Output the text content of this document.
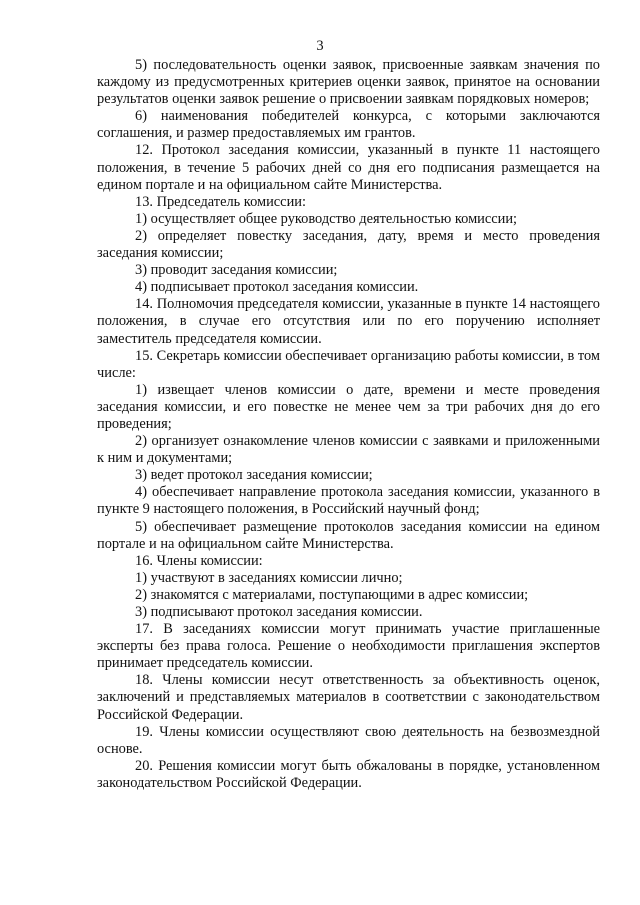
3

5) последовательность оценки заявок, присвоенные заявкам значения по каждому из предусмотренных критериев оценки заявок, принятое на основании результатов оценки заявок решение о присвоении заявкам порядковых номеров;

6) наименования победителей конкурса, с которыми заключаются соглашения, и размер предоставляемых им грантов.

12. Протокол заседания комиссии, указанный в пункте 11 настоящего положения, в течение 5 рабочих дней со дня его подписания размещается на едином портале и на официальном сайте Министерства.

13. Председатель комиссии:

1) осуществляет общее руководство деятельностью комиссии;

2) определяет повестку заседания, дату, время и место проведения заседания комиссии;

3) проводит заседания комиссии;

4) подписывает протокол заседания комиссии.

14. Полномочия председателя комиссии, указанные в пункте 14 настоящего положения, в случае его отсутствия или по его поручению исполняет заместитель председателя комиссии.

15. Секретарь комиссии обеспечивает организацию работы комиссии, в том числе:

1) извещает членов комиссии о дате, времени и месте проведения заседания комиссии, и его повестке не менее чем за три рабочих дня до его проведения;

2) организует ознакомление членов комиссии с заявками и приложенными к ним и документами;

3) ведет протокол заседания комиссии;

4) обеспечивает направление протокола заседания комиссии, указанного в пункте 9 настоящего положения, в Российский научный фонд;

5) обеспечивает размещение протоколов заседания комиссии на едином портале и на официальном сайте Министерства.

16. Члены комиссии:

1) участвуют в заседаниях комиссии лично;

2) знакомятся с материалами, поступающими в адрес комиссии;

3) подписывают протокол заседания комиссии.

17. В заседаниях комиссии могут принимать участие приглашенные эксперты без права голоса. Решение о необходимости приглашения экспертов принимает председатель комиссии.

18. Члены комиссии несут ответственность за объективность оценок, заключений и представляемых материалов в соответствии с законодательством Российской Федерации.

19. Члены комиссии осуществляют свою деятельность на безвозмездной основе.

20. Решения комиссии могут быть обжалованы в порядке, установленном законодательством Российской Федерации.
